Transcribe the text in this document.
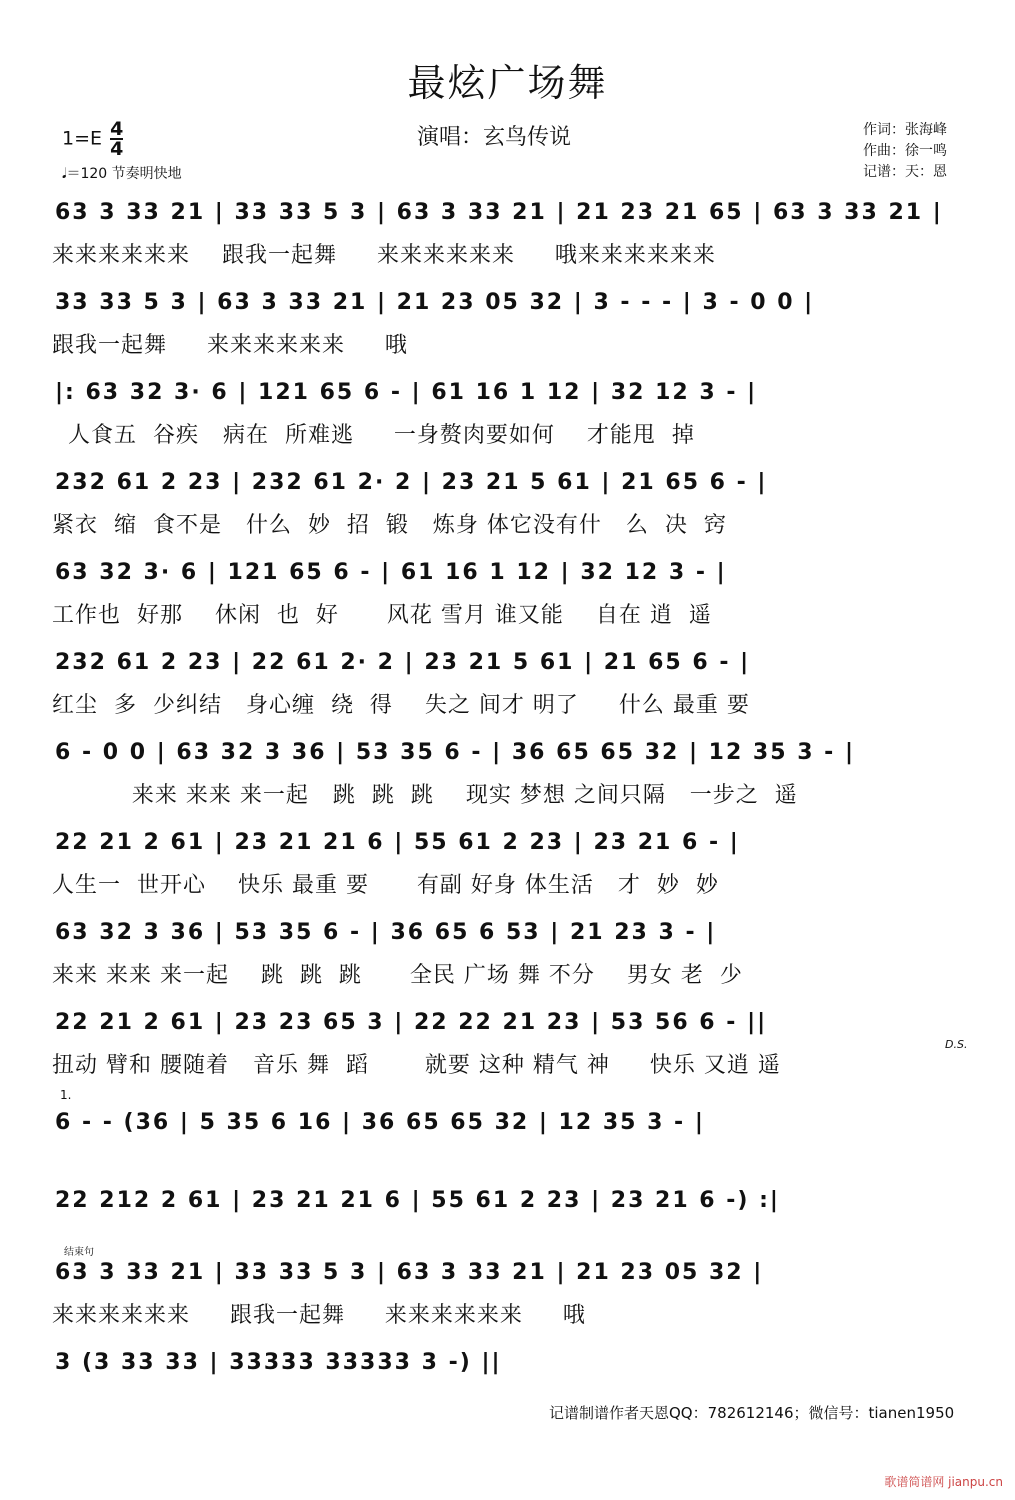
最炫广场舞
$1=E \frac{4}{4}$
𝅘𝅥＝120 节奏明快地
演唱：玄鸟传说	作词：张海峰
作曲：徐一鸣
记谱：天：恩
63 3 33 21 | 33 33 5 3 | 63 3 33 21 | 21 23 21 65 | 63 3 33 21 |
来来来来来来    跟我一起舞     来来来来来来     哦来来来来来来
33 33 5 3 | 63 3 33 21 | 21 23 05 32 | 3 - - - | 3 - 0 0 |
跟我一起舞     来来来来来来     哦
|: 63 32 3· 6 | 121 65 6 - | 61 16 1 12 | 32 12 3 - |
人食五  谷疾   病在  所难逃     一身赘肉要如何    才能甩  掉
232 61 2 23 | 232 61 2· 2 | 23 21 5 61 | 21 65 6 - |
紧衣  缩  食不是   什么  妙  招  锻   炼身 体它没有什   么  决  窍
63 32 3· 6 | 121 65 6 - | 61 16 1 12 | 32 12 3 - |
工作也  好那    休闲  也  好      风花 雪月 谁又能    自在 逍  遥
232 61 2 23 | 22 61 2· 2 | 23 21 5 61 | 21 65 6 - |
红尘  多  少纠结   身心缠  绕  得    失之 间才 明了     什么 最重 要
6 - 0 0 | 63 32 3 36 | 53 35 6 - | 36 65 65 32 | 12 35 3 - |
来来 来来 来一起   跳  跳  跳    现实 梦想 之间只隔   一步之  遥
22 21 2 61 | 23 21 21 6 | 55 61 2 23 | 23 21 6 - |
人生一  世开心    快乐 最重 要      有副 好身 体生活   才  妙  妙
63 32 3 36 | 53 35 6 - | 36 65 6 53 | 21 23 3 - |
来来 来来 来一起    跳  跳  跳      全民 广场 舞 不分    男女 老  少
22 21 2 61 | 23 23 65 3 | 22 22 21 23 | 53 56 6 - ||
扭动 臂和 腰随着   音乐 舞  蹈       就要 这种 精气 神     快乐 又逍 遥
6 - - (36 | 5 35 6 16 | 36 65 65 32 | 12 35 3 - |
22 212 2 61 | 23 21 21 6 | 55 61 2 23 | 23 21 6 -) :|
63 3 33 21 | 33 33 5 3 | 63 3 33 21 | 21 23 05 32 |
来来来来来来     跟我一起舞     来来来来来来     哦
3 (3 33 33 | 33333 33333 3 -) ||
D.S.
1.
结束句
记谱制谱作者天恩QQ：782612146；微信号：tianen1950
歌谱简谱网 jianpu.cn
